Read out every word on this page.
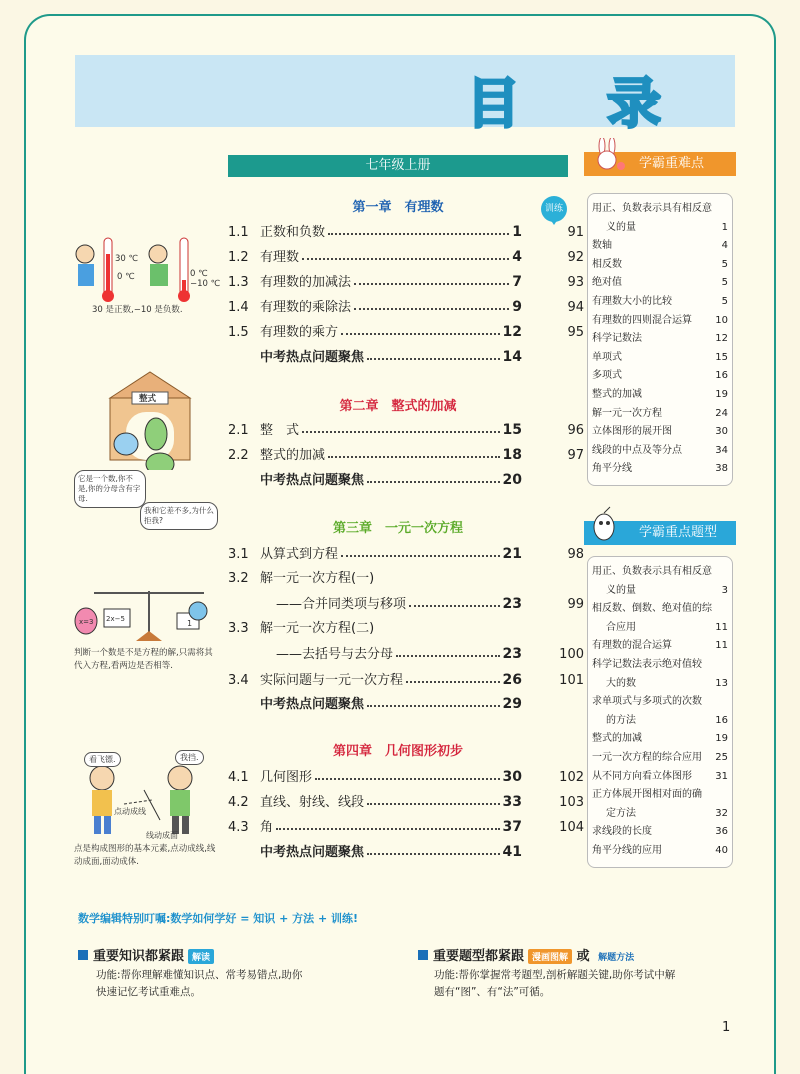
目 录
七年级上册
训练
第一章　有理数
第二章　整式的加减
第三章　一元一次方程
第四章　几何图形初步
1.1 正数和负数	1	91
1.2 有理数	4	92
1.3 有理数的加减法	7	93
1.4 有理数的乘除法	9	94
1.5 有理数的乘方	12	95
中考热点问题聚焦	14
2.1 整　式	15	96
2.2 整式的加减	18	97
中考热点问题聚焦	20
3.1 从算式到方程	21	98
3.2 解一元一次方程(一)
——合并同类项与移项	23	99
3.3 解一元一次方程(二)
——去括号与去分母	23	100
3.4 实际问题与一元一次方程	26	101
中考热点问题聚焦	29
4.1 几何图形	30	102
4.2 直线、射线、线段	33	103
4.3 角	37	104
中考热点问题聚焦	41
30 ℃
0 ℃	0 ℃
−10 ℃
30 是正数,−10 是负数.
整式
它是一个数,你不是,你的分母含有字母.
我和它差不多,为什么拒我?
x=3 2x−5	1
判断一个数是不是方程的解,只需将其代入方程,看两边是否相等.
看飞镖.	我挡.
点动成线
线动成面
点是构成图形的基本元素,点动成线,线动成面,面动成体.
学霸重难点
用正、负数表示具有相反意
义的量	1
数轴	4
相反数	5
绝对值	5
有理数大小的比较	5
有理数的四则混合运算 10
科学记数法	12
单项式	15
多项式	16
整式的加减	19
解一元一次方程	24
立体图形的展开图	30
线段的中点及等分点	34
角平分线	38
学霸重点题型
用正、负数表示具有相反意
义的量	3
相反数、倒数、绝对值的综
合应用	11
有理数的混合运算	11
科学记数法表示绝对值较
大的数	13
求单项式与多项式的次数
的方法	16
整式的加减	19
一元一次方程的综合应用 25
从不同方向看立体图形 31
正方体展开图相对面的确
定方法	32
求线段的长度	36
角平分线的应用	40
数学编辑特别叮嘱:数学如何学好 = 知识 + 方法 + 训练!
重要知识都紧跟 解读
功能:帮你理解难懂知识点、常考易错点,助你
快速记忆考试重难点。
重要题型都紧跟 漫画图解 或 解题方法
功能:帮你掌握常考题型,剖析解题关键,助你考试中解
题有“图”、有“法”可循。
1
